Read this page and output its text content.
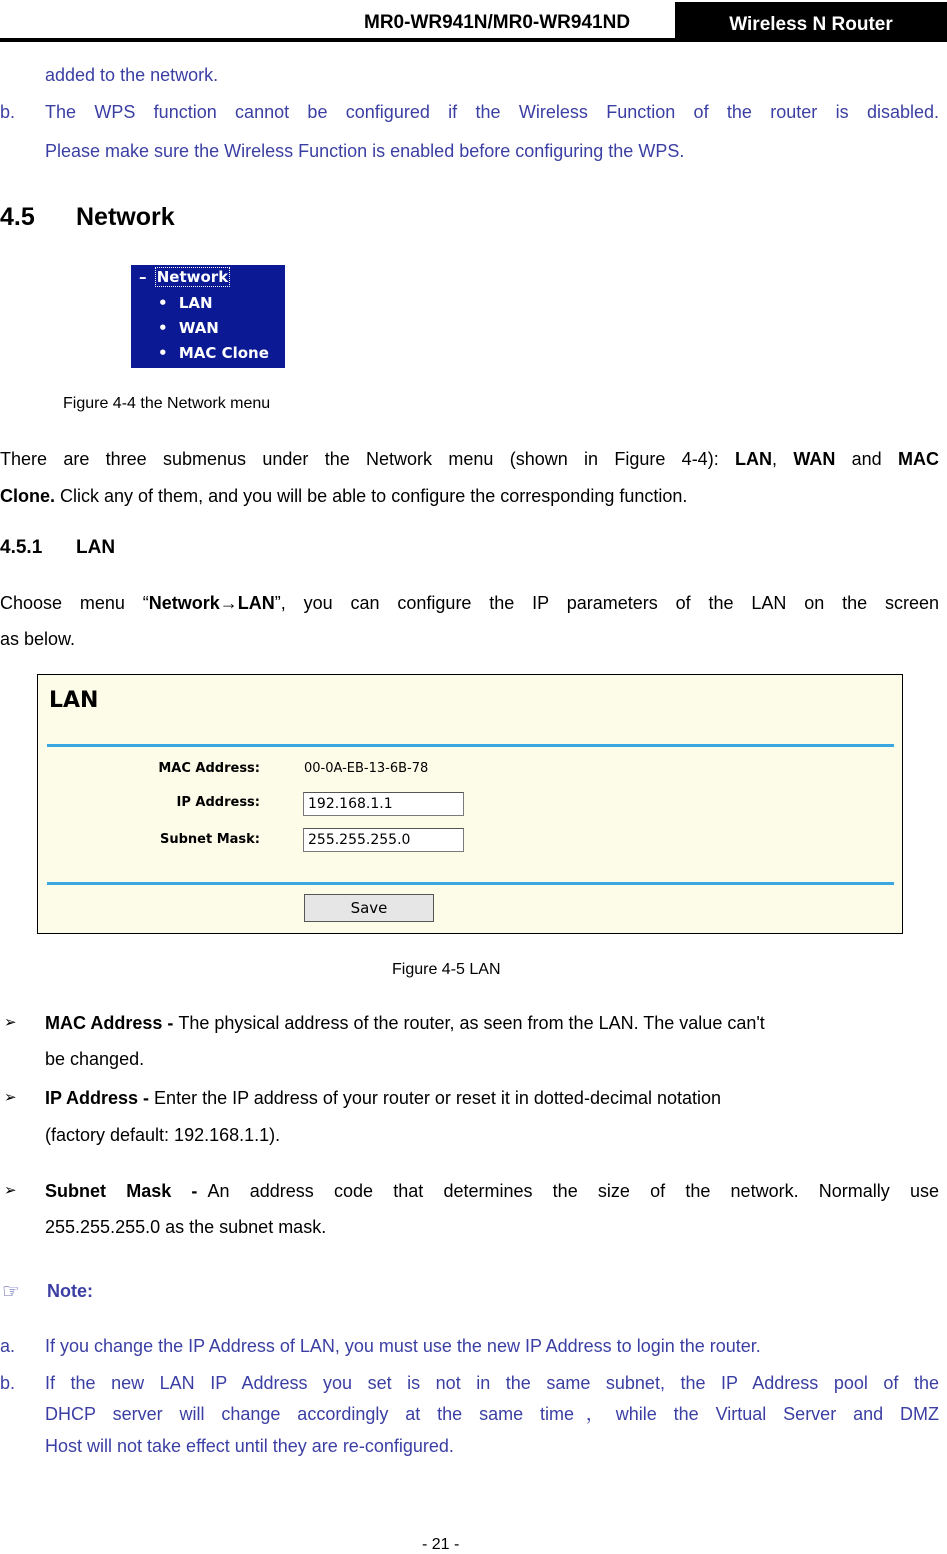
MR0-WR941N/MR0-WR941ND	Wireless N Router
added to the network.
b. The WPS function cannot be configured if the Wireless Function of the router is disabled.
Please make sure the Wireless Function is enabled before configuring the WPS.
4.5 Network
– Network
• LAN
• WAN
• MAC Clone
Figure 4-4 the Network menu
There are three submenus under the Network menu (shown in Figure 4-4): LAN, WAN and MAC
Clone. Click any of them, and you will be able to configure the corresponding function.
4.5.1 LAN
Choose menu “Network→LAN”, you can configure the IP parameters of the LAN on the screen
as below.
LAN
MAC Address:	00-0A-EB-13-6B-78
IP Address:	192.168.1.1
Subnet Mask:	255.255.255.0
Save
Figure 4-5 LAN
➢ MAC Address - The physical address of the router, as seen from the LAN. The value can't
be changed.
➢ IP Address - Enter the IP address of your router or reset it in dotted-decimal notation
(factory default: 192.168.1.1).
➢ Subnet  Mask  - An  address  code  that  determines  the  size  of  the  network.  Normally  use
255.255.255.0 as the subnet mask.
☞ Note:
a. If you change the IP Address of LAN, you must use the new IP Address to login the router.
b. If the new LAN IP Address you set is not in the same subnet, the IP Address pool of the
DHCP server will change accordingly at the same time，while the Virtual Server and DMZ
Host will not take effect until they are re-configured.
- 21 -
